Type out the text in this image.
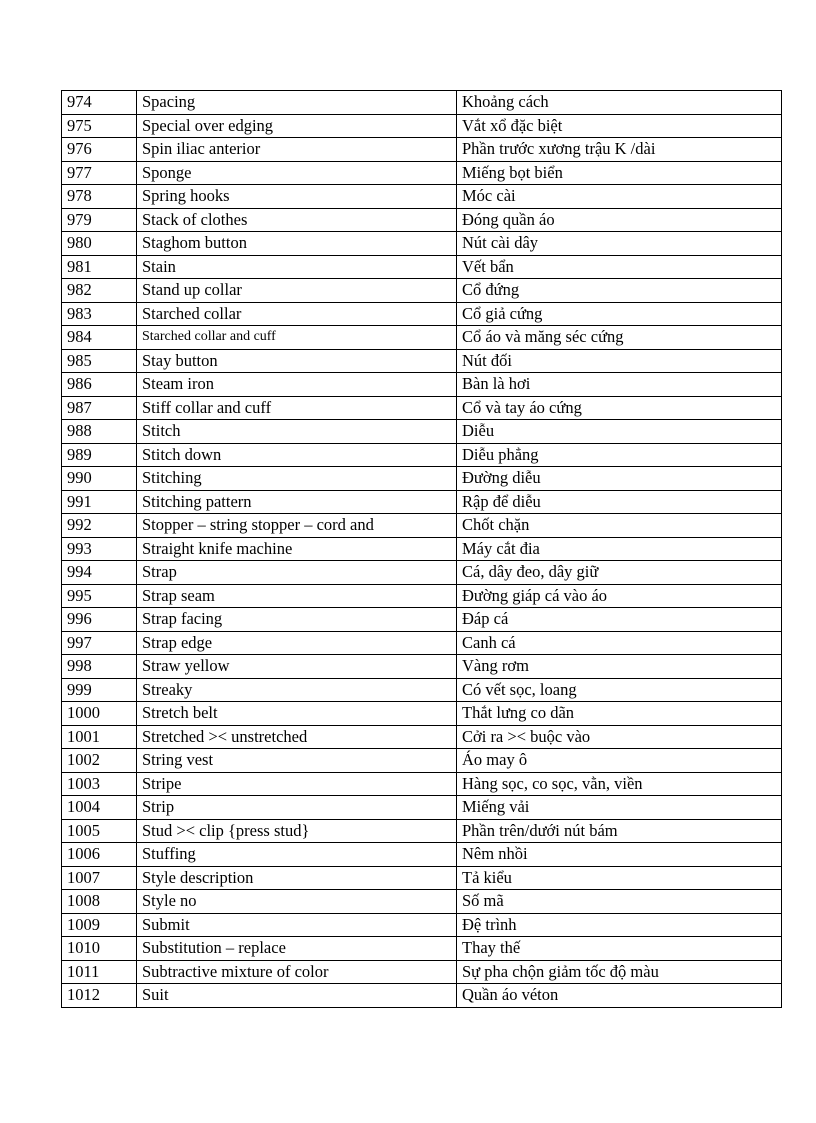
974	Spacing	Khoảng cách
975	Special over edging	Vắt xổ đặc biệt
976	Spin iliac anterior	Phần trước xương trậu K /dài
977	Sponge	Miếng bọt biển
978	Spring hooks	Móc cài
979	Stack of clothes	Đóng quần áo
980	Staghom button	Nút cài dây
981	Stain	Vết bẩn
982	Stand up collar	Cổ đứng
983	Starched collar	Cổ giả cứng
984	Starched collar and cuff	Cổ áo và măng séc cứng
985	Stay button	Nút đối
986	Steam iron	Bàn là hơi
987	Stiff collar and cuff	Cổ và tay áo cứng
988	Stitch	Diễu
989	Stitch down	Diễu phẳng
990	Stitching	Đường diễu
991	Stitching pattern	Rập để diễu
992	Stopper – string stopper – cord and	Chốt chặn
993	Straight knife machine	Máy cắt đia
994	Strap	Cá, dây đeo, dây giữ
995	Strap seam	Đường giáp cá vào áo
996	Strap facing	Đáp cá
997	Strap edge	Canh cá
998	Straw yellow	Vàng rơm
999	Streaky	Có vết sọc, loang
1000	Stretch belt	Thắt lưng co dãn
1001	Stretched >< unstretched	Cởi ra >< buộc vào
1002	String vest	Áo may ô
1003	Stripe	Hàng sọc, co sọc, vằn, viền
1004	Strip	Miếng vải
1005	Stud >< clip {press stud}	Phần trên/dưới nút bám
1006	Stuffing	Nêm nhồi
1007	Style description	Tả kiểu
1008	Style no	Số mã
1009	Submit	Đệ trình
1010	Substitution – replace	Thay thế
1011	Subtractive mixture of color	Sự pha chộn giảm tốc độ màu
1012	Suit	Quần áo véton
